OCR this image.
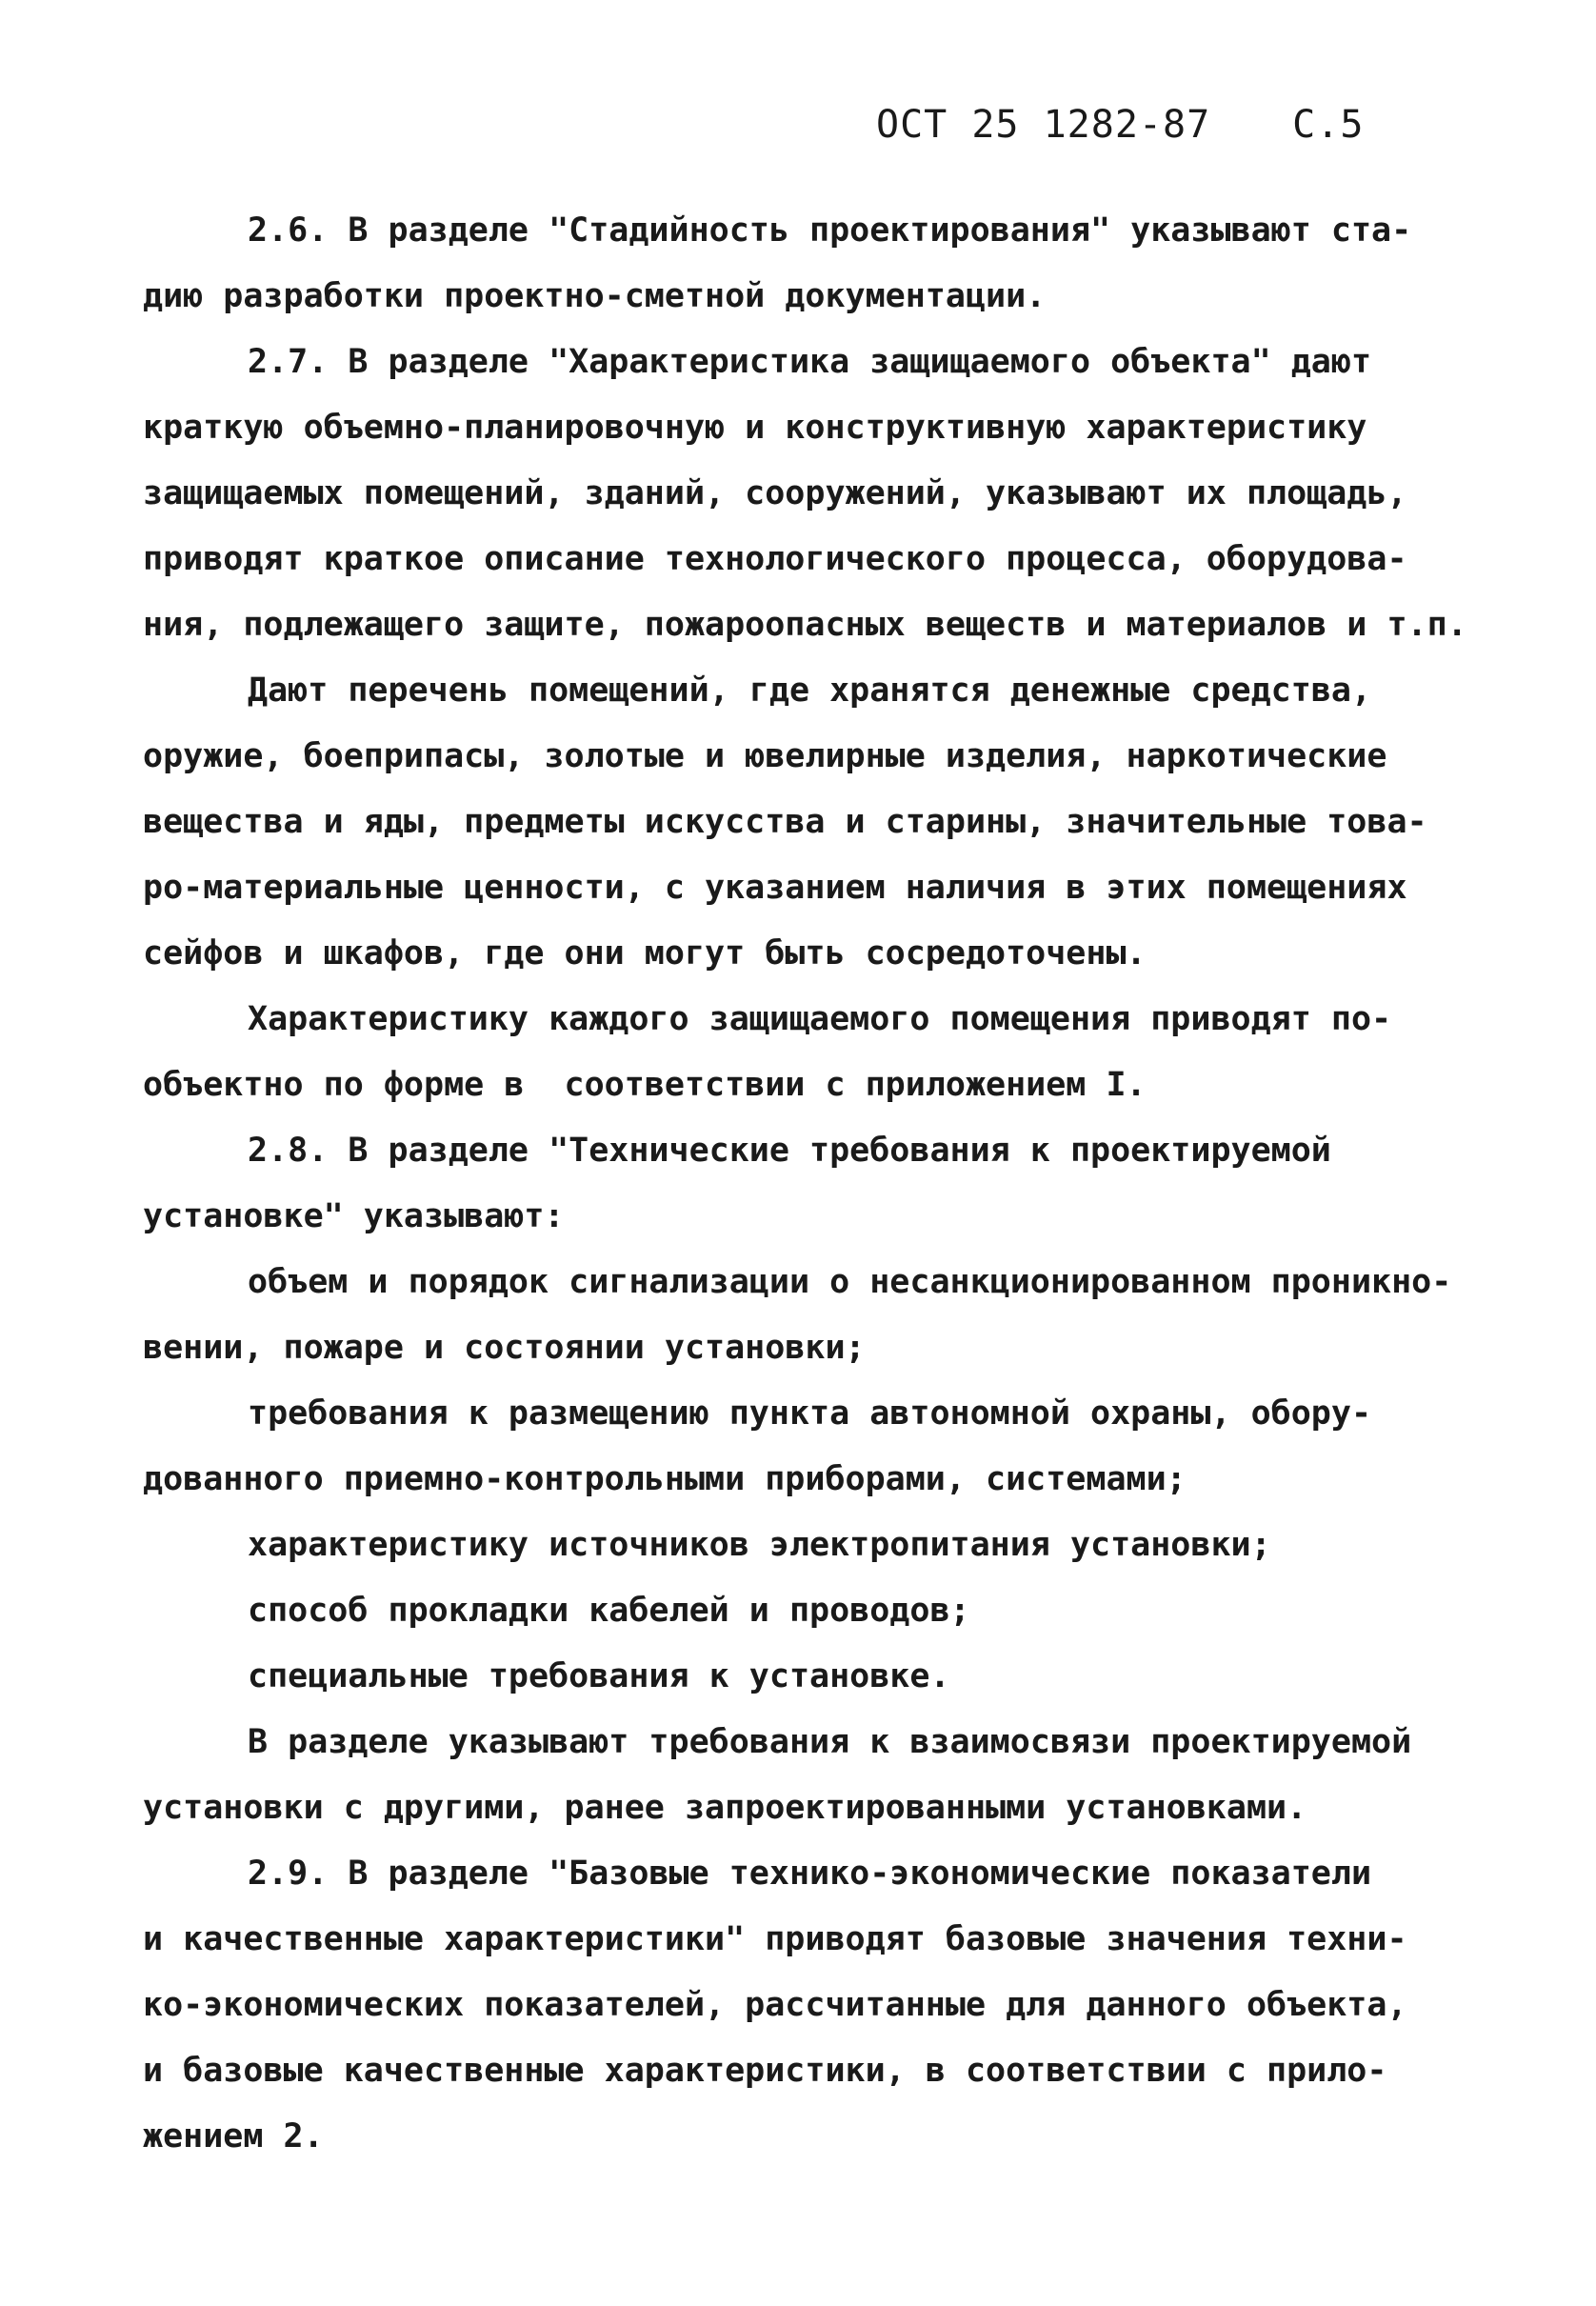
ОСТ 25 1282-87 С.5

2.6. В разделе "Стадийность проектирования" указывают ста-
дию разработки проектно-сметной документации.

2.7. В разделе "Характеристика защищаемого объекта" дают
краткую объемно-планировочную и конструктивную характеристику
защищаемых помещений, зданий, сооружений, указывают их площадь,
приводят краткое описание технологического процесса, оборудова-
ния, подлежащего защите, пожароопасных веществ и материалов и т.п.

Дают перечень помещений, где хранятся денежные средства,
оружие, боеприпасы, золотые и ювелирные изделия, наркотические
вещества и яды, предметы искусства и старины, значительные това-
ро-материальные ценности, с указанием наличия в этих помещениях
сейфов и шкафов, где они могут быть сосредоточены.

Характеристику каждого защищаемого помещения приводят по-
объектно по форме в  соответствии с приложением I.

2.8. В разделе "Технические требования к проектируемой
установке" указывают:

объем и порядок сигнализации о несанкционированном проникно-
вении, пожаре и состоянии установки;

требования к размещению пункта автономной охраны, обору-
дованного приемно-контрольными приборами, системами;

характеристику источников электропитания установки;

способ прокладки кабелей и проводов;

специальные требования к установке.

В разделе указывают требования к взаимосвязи проектируемой
установки с другими, ранее запроектированными установками.

2.9. В разделе "Базовые технико-экономические показатели
и качественные характеристики" приводят базовые значения техни-
ко-экономических показателей, рассчитанные для данного объекта,
и базовые качественные характеристики, в соответствии с прило-
жением 2.
